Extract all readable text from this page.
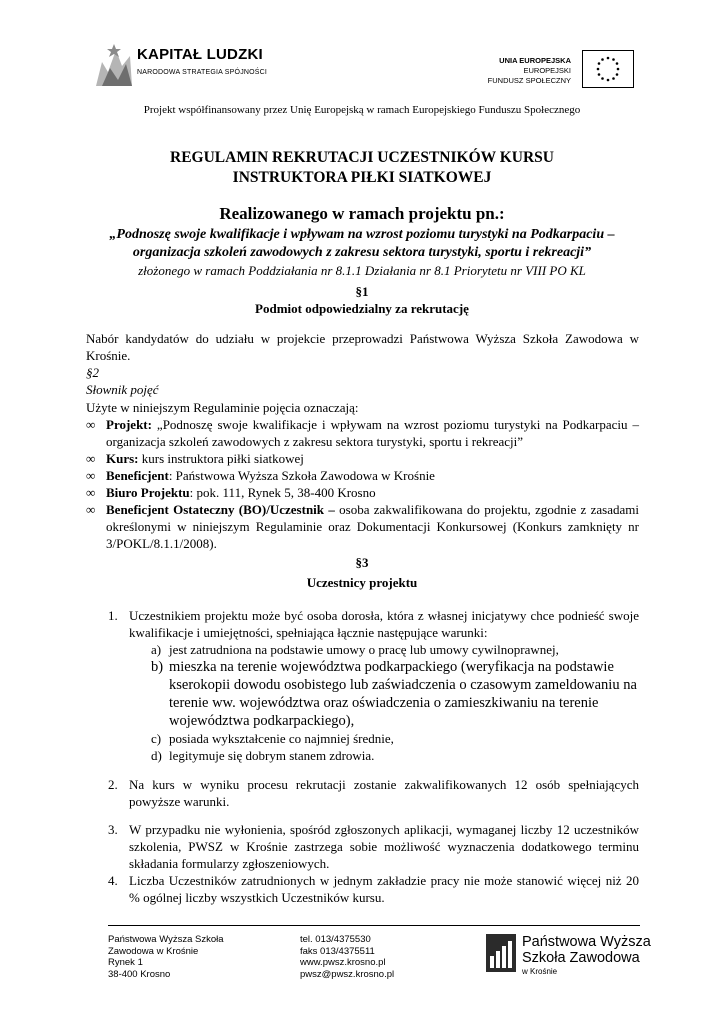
KAPITAŁ LUDZKI
NARODOWA STRATEGIA SPÓJNOŚCI
UNIA EUROPEJSKA
EUROPEJSKI
FUNDUSZ SPOŁECZNY
Projekt współfinansowany przez Unię Europejską w ramach Europejskiego Funduszu Społecznego
REGULAMIN REKRUTACJI UCZESTNIKÓW KURSU
INSTRUKTORA PIŁKI SIATKOWEJ
Realizowanego w ramach projektu pn.:
„Podnoszę swoje kwalifikacje i wpływam na wzrost poziomu turystyki na Podkarpaciu –
organizacja szkoleń zawodowych z zakresu sektora turystyki, sportu i rekreacji”
złożonego w ramach Poddziałania nr 8.1.1 Działania nr 8.1 Priorytetu nr VIII PO KL
§1
Podmiot odpowiedzialny za rekrutację
Nabór kandydatów do udziału w projekcie przeprowadzi Państwowa Wyższa Szkoła Zawodowa w Krośnie.
§2
Słownik pojęć
Użyte w niniejszym Regulaminie pojęcia oznaczają:
∞ Projekt: „Podnoszę swoje kwalifikacje i wpływam na wzrost poziomu turystyki na Podkarpaciu – organizacja szkoleń zawodowych z zakresu sektora turystyki, sportu i rekreacji”
∞ Kurs: kurs instruktora piłki siatkowej
∞ Beneficjent: Państwowa Wyższa Szkoła Zawodowa w Krośnie
∞ Biuro Projektu: pok. 111, Rynek 5, 38-400 Krosno
∞ Beneficjent Ostateczny (BO)/Uczestnik – osoba zakwalifikowana do projektu, zgodnie z zasadami określonymi w niniejszym Regulaminie oraz Dokumentacji Konkursowej (Konkurs zamknięty nr 3/POKL/8.1.1/2008).
§3
Uczestnicy projektu
1. Uczestnikiem projektu może być osoba dorosła, która z własnej inicjatywy chce podnieść swoje kwalifikacje i umiejętności, spełniająca łącznie następujące warunki:
a) jest zatrudniona na podstawie umowy o pracę lub umowy cywilnoprawnej,
b) mieszka na terenie województwa podkarpackiego (weryfikacja na podstawie kserokopii dowodu osobistego lub zaświadczenia o czasowym zameldowaniu na terenie ww. województwa oraz oświadczenia o zamieszkiwaniu na terenie województwa podkarpackiego),
c) posiada wykształcenie co najmniej średnie,
d) legitymuje się dobrym stanem zdrowia.
2. Na kurs w wyniku procesu rekrutacji zostanie zakwalifikowanych 12 osób spełniających powyższe warunki.
3. W przypadku nie wyłonienia, spośród zgłoszonych aplikacji, wymaganej liczby 12 uczestników szkolenia, PWSZ w Krośnie zastrzega sobie możliwość wyznaczenia dodatkowego terminu składania formularzy zgłoszeniowych.
4. Liczba Uczestników zatrudnionych w jednym zakładzie pracy nie może stanowić więcej niż 20 % ogólnej liczby wszystkich Uczestników kursu.
Państwowa Wyższa Szkoła
Zawodowa w Krośnie
Rynek 1
38-400 Krosno
tel. 013/4375530
faks 013/4375511
www.pwsz.krosno.pl
pwsz@pwsz.krosno.pl
Państwowa Wyższa
Szkoła Zawodowa
w Krośnie
